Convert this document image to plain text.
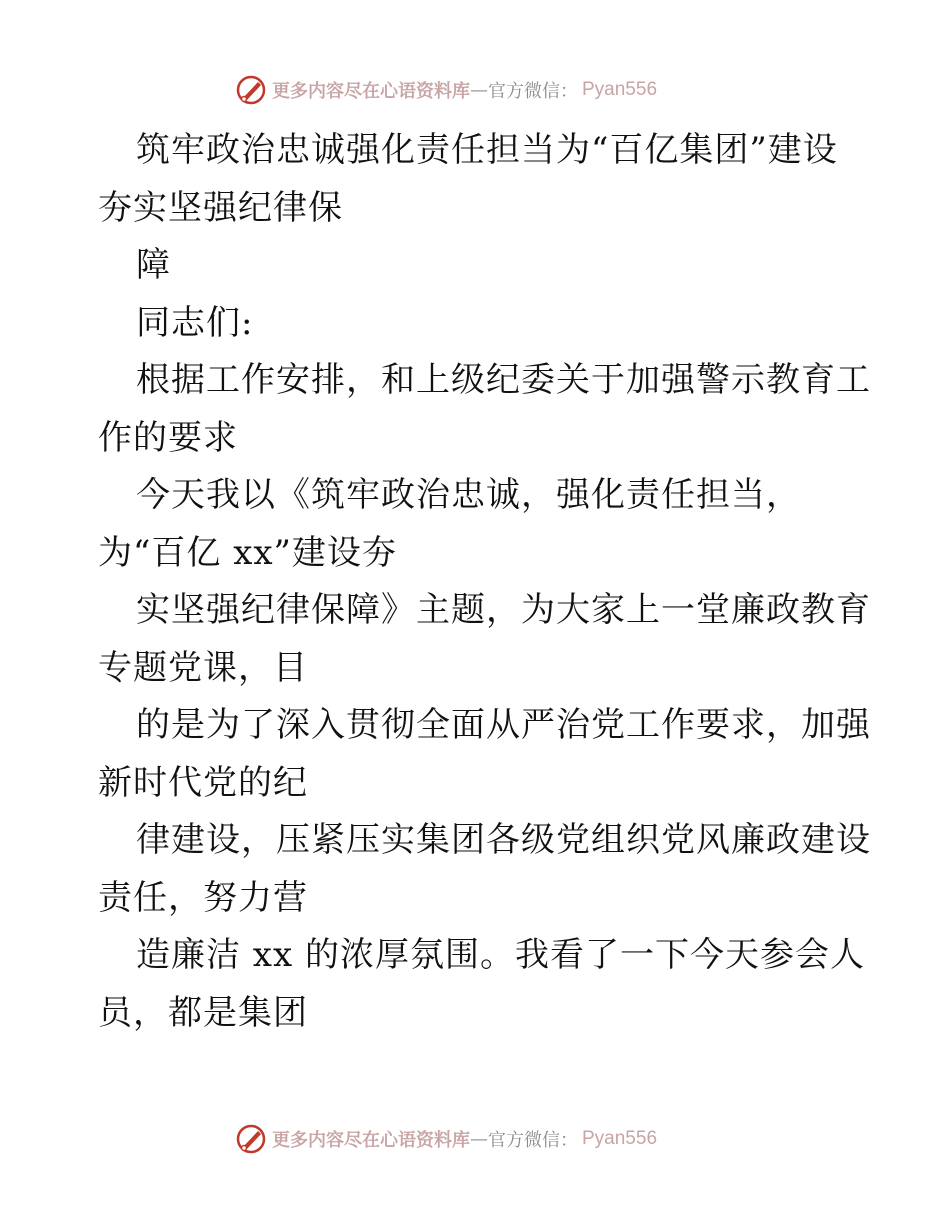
更多内容尽在心语资料库 — 官方微信： Pyan556

筑牢政治忠诚强化责任担当为“百亿集团”建设

夯实坚强纪律保

障

同志们:

根据工作安排，和上级纪委关于加强警示教育工

作的要求

今天我以《筑牢政治忠诚，强化责任担当，

为“百亿 xx”建设夯

实坚强纪律保障》主题，为大家上一堂廉政教育

专题党课，目

的是为了深入贯彻全面从严治党工作要求，加强

新时代党的纪

律建设，压紧压实集团各级党组织党风廉政建设

责任，努力营

造廉洁 xx 的浓厚氛围。我看了一下今天参会人

员，都是集团

更多内容尽在心语资料库 — 官方微信： Pyan556
